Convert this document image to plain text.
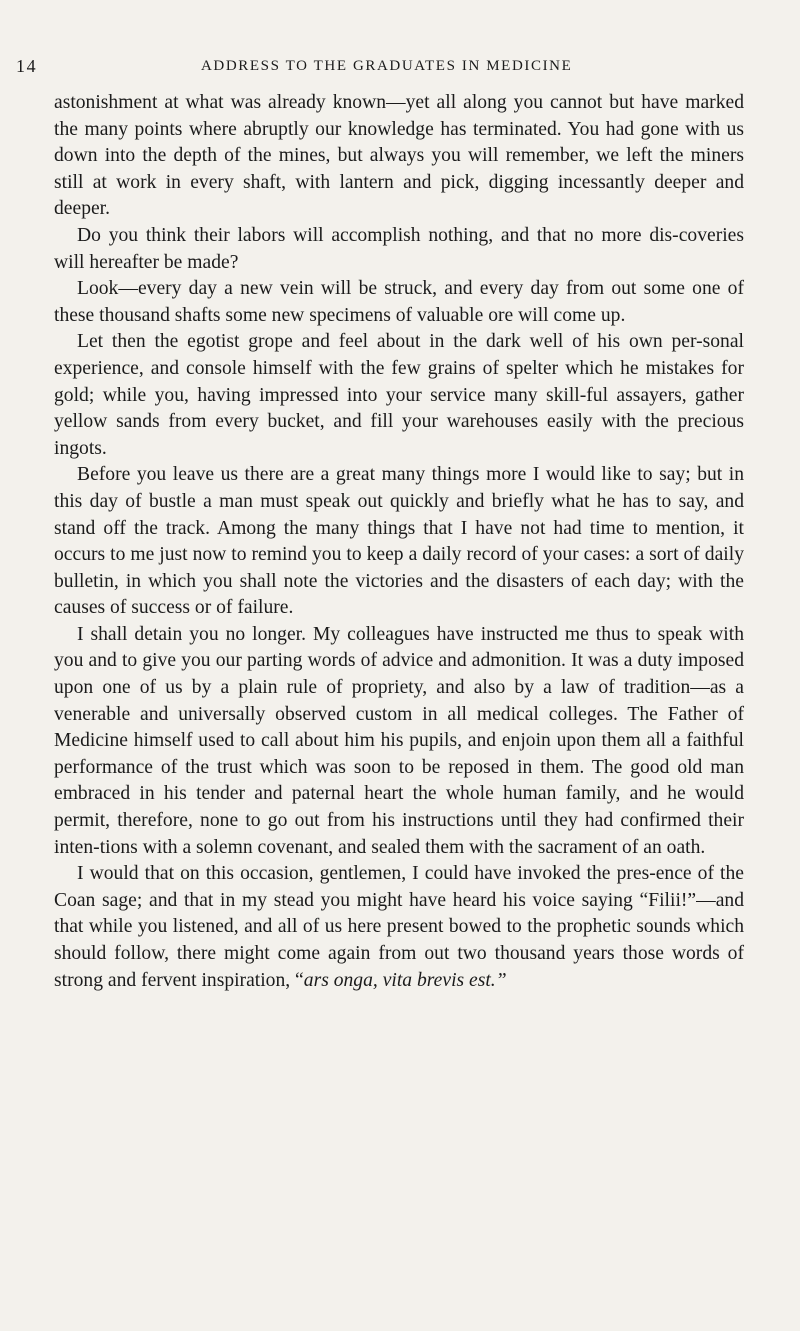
14	ADDRESS TO THE GRADUATES IN MEDICINE

astonishment at what was already known—yet all along you cannot but have marked the many points where abruptly our knowledge has terminated. You had gone with us down into the depth of the mines, but always you will remember, we left the miners still at work in every shaft, with lantern and pick, digging incessantly deeper and deeper.

Do you think their labors will accomplish nothing, and that no more dis-coveries will hereafter be made?

Look—every day a new vein will be struck, and every day from out some one of these thousand shafts some new specimens of valuable ore will come up.

Let then the egotist grope and feel about in the dark well of his own per-sonal experience, and console himself with the few grains of spelter which he mistakes for gold; while you, having impressed into your service many skill-ful assayers, gather yellow sands from every bucket, and fill your warehouses easily with the precious ingots.

Before you leave us there are a great many things more I would like to say; but in this day of bustle a man must speak out quickly and briefly what he has to say, and stand off the track. Among the many things that I have not had time to mention, it occurs to me just now to remind you to keep a daily record of your cases: a sort of daily bulletin, in which you shall note the victories and the disasters of each day; with the causes of success or of failure.

I shall detain you no longer. My colleagues have instructed me thus to speak with you and to give you our parting words of advice and admonition. It was a duty imposed upon one of us by a plain rule of propriety, and also by a law of tradition—as a venerable and universally observed custom in all medical colleges. The Father of Medicine himself used to call about him his pupils, and enjoin upon them all a faithful performance of the trust which was soon to be reposed in them. The good old man embraced in his tender and paternal heart the whole human family, and he would permit, therefore, none to go out from his instructions until they had confirmed their inten-tions with a solemn covenant, and sealed them with the sacrament of an oath.

I would that on this occasion, gentlemen, I could have invoked the pres-ence of the Coan sage; and that in my stead you might have heard his voice saying “Filii!”—and that while you listened, and all of us here present bowed to the prophetic sounds which should follow, there might come again from out two thousand years those words of strong and fervent inspiration, “ars onga, vita brevis est.”
